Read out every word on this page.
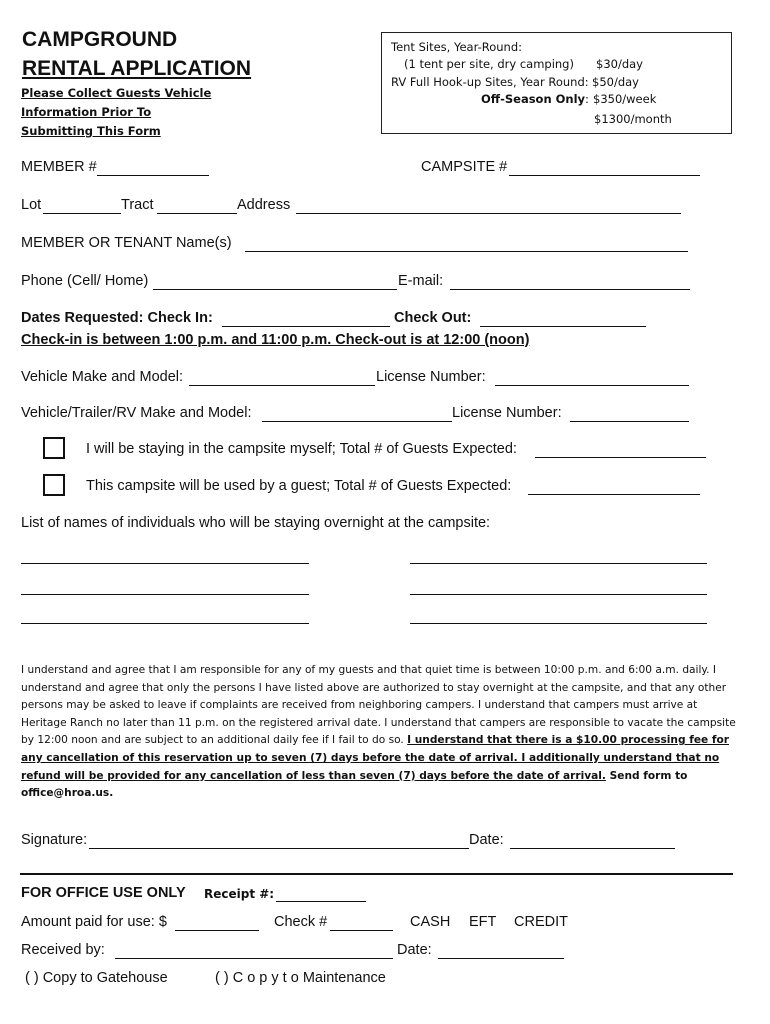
CAMPGROUND
RENTAL APPLICATION
Please Collect Guests Vehicle
Information Prior To
Submitting This Form
Tent Sites, Year-Round:
(1 tent per site, dry camping) $30/day
RV Full Hook-up Sites, Year Round: $50/day
Off-Season Only: $350/week
$1300/month
MEMBER #	CAMPSITE #
Lot	Tract	Address
MEMBER OR TENANT Name(s)
Phone (Cell/ Home)	E-mail:
Dates Requested: Check In:	Check Out:
Check-in is between 1:00 p.m. and 11:00 p.m. Check-out is at 12:00 (noon)
Vehicle Make and Model:	License Number:
Vehicle/Trailer/RV Make and Model:	License Number:
I will be staying in the campsite myself; Total # of Guests Expected:
This campsite will be used by a guest; Total # of Guests Expected:
List of names of individuals who will be staying overnight at the campsite:
I understand and agree that I am responsible for any of my guests and that quiet time is between 10:00 p.m. and 6:00 a.m. daily. I understand and agree that only the persons I have listed above are authorized to stay overnight at the campsite, and that any other persons may be asked to leave if complaints are received from neighboring campers. I understand that campers must arrive at Heritage Ranch no later than 11 p.m. on the registered arrival date. I understand that campers are responsible to vacate the campsite by 12:00 noon and are subject to an additional daily fee if I fail to do so. I understand that there is a $10.00 processing fee for any cancellation of this reservation up to seven (7) days before the date of arrival. I additionally understand that no refund will be provided for any cancellation of less than seven (7) days before the date of arrival. Send form to office@hroa.us.
Signature:	Date:
FOR OFFICE USE ONLY Receipt #:
Amount paid for use: $	Check #	CASH EFT CREDIT
Received by:	Date:
( ) Copy to Gatehouse	( ) C o p y t o Maintenance
